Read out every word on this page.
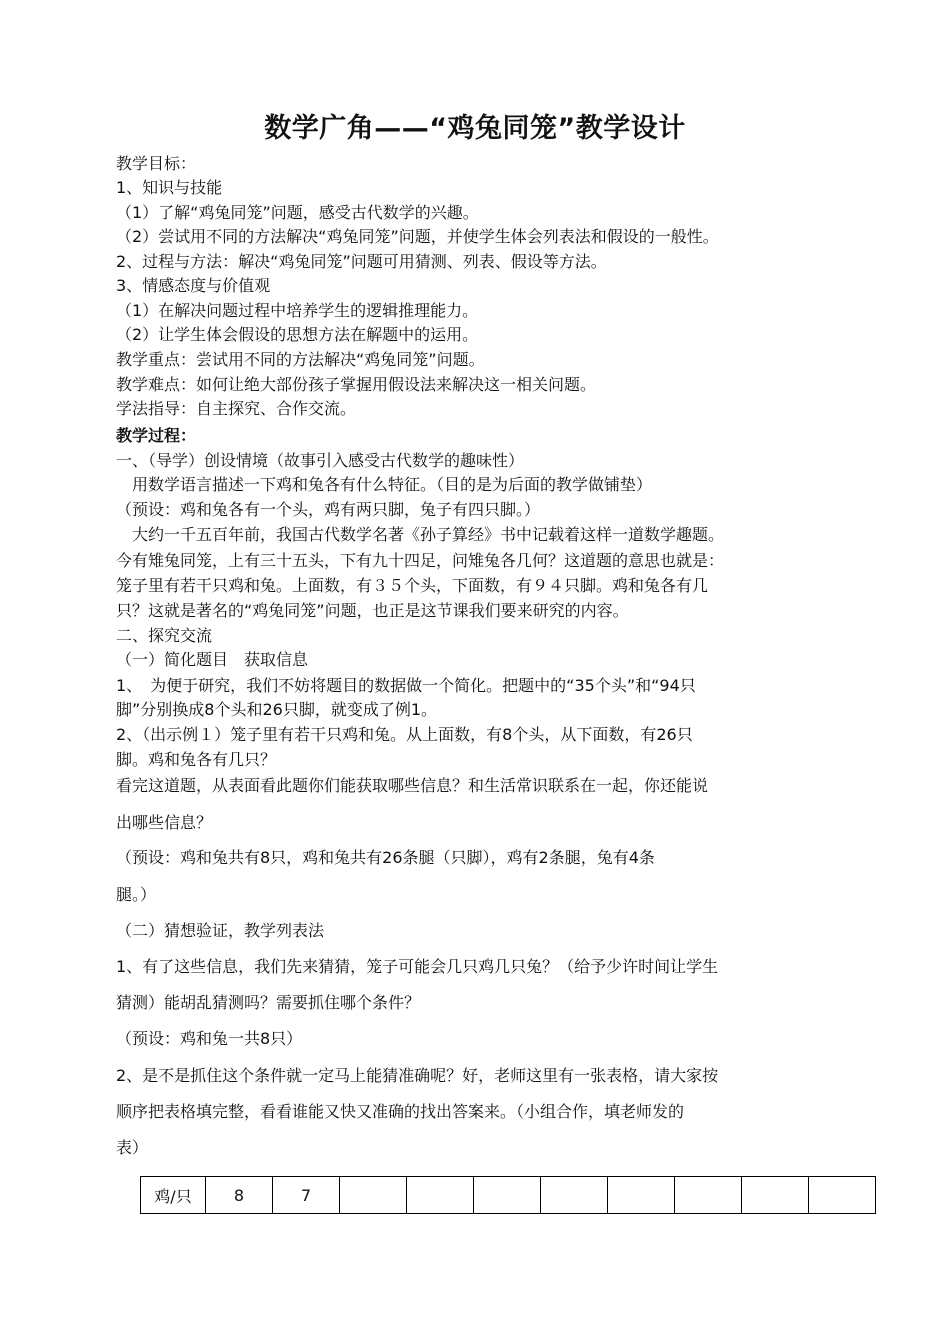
数学广角——“鸡兔同笼”教学设计
教学目标：
1、知识与技能
（1）了解“鸡兔同笼”问题，感受古代数学的兴趣。
（2）尝试用不同的方法解决“鸡兔同笼”问题，并使学生体会列表法和假设的一般性。
2、过程与方法：解决“鸡兔同笼”问题可用猜测、列表、假设等方法。
3、情感态度与价值观
（1）在解决问题过程中培养学生的逻辑推理能力。
（2）让学生体会假设的思想方法在解题中的运用。
教学重点：尝试用不同的方法解决“鸡兔同笼”问题。
教学难点：如何让绝大部份孩子掌握用假设法来解决这一相关问题。
学法指导：自主探究、合作交流。
教学过程：
一、（导学）创设情境（故事引入感受古代数学的趣味性）
　用数学语言描述一下鸡和兔各有什么特征。（目的是为后面的教学做铺垫）
（预设：鸡和兔各有一个头，鸡有两只脚，兔子有四只脚。）
　大约一千五百年前，我国古代数学名著《孙子算经》书中记载着这样一道数学趣题。
今有雉兔同笼，上有三十五头，下有九十四足，问雉兔各几何？这道题的意思也就是：
笼子里有若干只鸡和兔。上面数，有３５个头，下面数，有９４只脚。鸡和兔各有几
只？这就是著名的“鸡兔同笼”问题，也正是这节课我们要来研究的内容。
二、探究交流
（一）简化题目　获取信息
1、　为便于研究，我们不妨将题目的数据做一个简化。把题中的“35个头”和“94只
脚”分别换成8个头和26只脚，就变成了例1。
2、（出示例１）笼子里有若干只鸡和兔。从上面数，有8个头，从下面数，有26只
脚。鸡和兔各有几只？
看完这道题，从表面看此题你们能获取哪些信息？和生活常识联系在一起，你还能说
出哪些信息？
（预设：鸡和兔共有8只，鸡和兔共有26条腿（只脚），鸡有2条腿，兔有4条
腿。）
（二）猜想验证，教学列表法
1、有了这些信息，我们先来猜猜，笼子可能会几只鸡几只兔？（给予少许时间让学生
猜测）能胡乱猜测吗？需要抓住哪个条件？
（预设：鸡和兔一共8只）
2、是不是抓住这个条件就一定马上能猜准确呢？好，老师这里有一张表格，请大家按
顺序把表格填完整，看看谁能又快又准确的找出答案来。（小组合作，填老师发的
表）
鸡/只	8	7								
